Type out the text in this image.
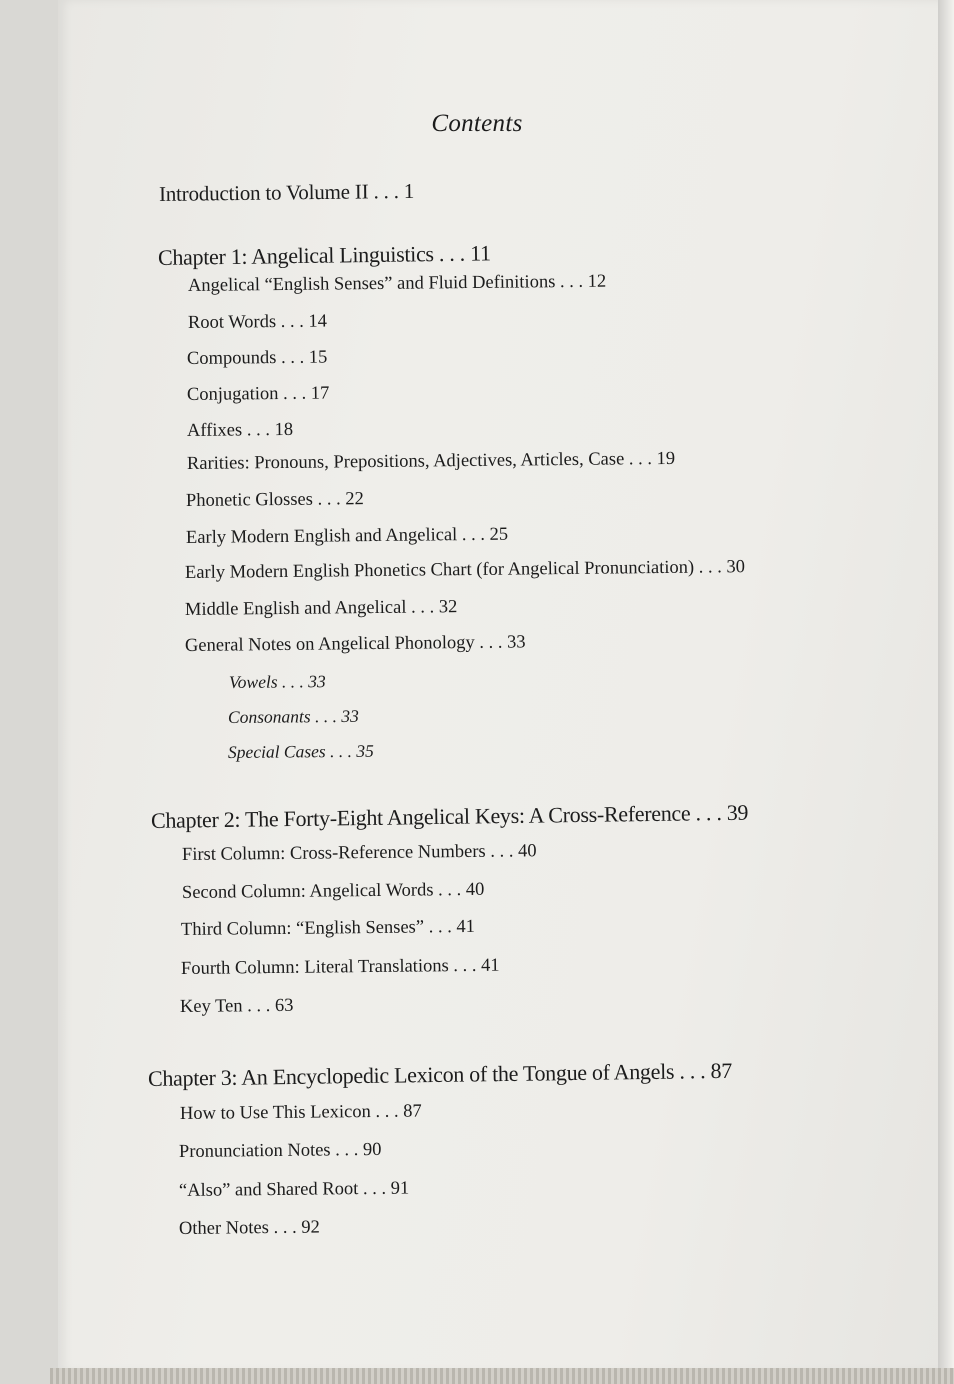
Contents
Introduction to Volume II . . . 1
Chapter 1: Angelical Linguistics . . . 11
Angelical “English Senses” and Fluid Definitions . . . 12
Root Words . . . 14
Compounds . . . 15
Conjugation . . . 17
Affixes . . . 18
Rarities: Pronouns, Prepositions, Adjectives, Articles, Case . . . 19
Phonetic Glosses . . . 22
Early Modern English and Angelical . . . 25
Early Modern English Phonetics Chart (for Angelical Pronunciation) . . . 30
Middle English and Angelical . . . 32
General Notes on Angelical Phonology . . . 33
Vowels . . . 33
Consonants . . . 33
Special Cases . . . 35
Chapter 2: The Forty-Eight Angelical Keys: A Cross-Reference . . . 39
First Column: Cross-Reference Numbers . . . 40
Second Column: Angelical Words . . . 40
Third Column: “English Senses” . . . 41
Fourth Column: Literal Translations . . . 41
Key Ten . . . 63
Chapter 3: An Encyclopedic Lexicon of the Tongue of Angels . . . 87
How to Use This Lexicon . . . 87
Pronunciation Notes . . . 90
“Also” and Shared Root . . . 91
Other Notes . . . 92
